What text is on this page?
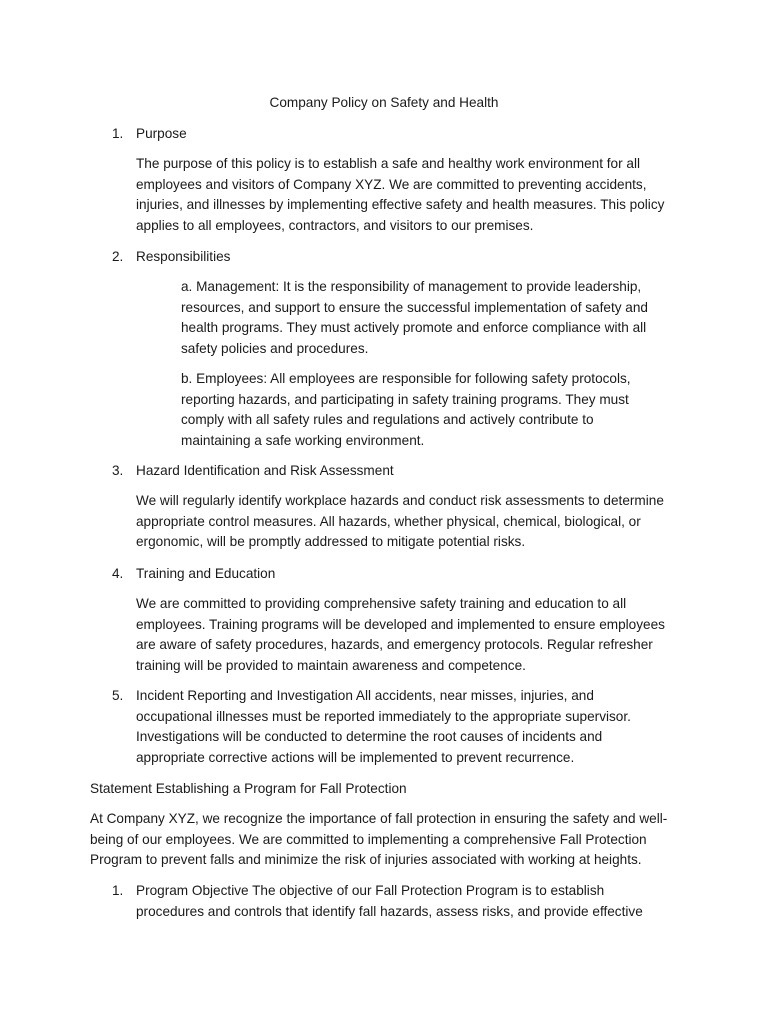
Company Policy on Safety and Health
1. Purpose

The purpose of this policy is to establish a safe and healthy work environment for all employees and visitors of Company XYZ. We are committed to preventing accidents, injuries, and illnesses by implementing effective safety and health measures. This policy applies to all employees, contractors, and visitors to our premises.

2. Responsibilities

a. Management: It is the responsibility of management to provide leadership, resources, and support to ensure the successful implementation of safety and health programs. They must actively promote and enforce compliance with all safety policies and procedures.

b. Employees: All employees are responsible for following safety protocols, reporting hazards, and participating in safety training programs. They must comply with all safety rules and regulations and actively contribute to maintaining a safe working environment.

3. Hazard Identification and Risk Assessment

We will regularly identify workplace hazards and conduct risk assessments to determine appropriate control measures. All hazards, whether physical, chemical, biological, or ergonomic, will be promptly addressed to mitigate potential risks.

4. Training and Education

We are committed to providing comprehensive safety training and education to all employees. Training programs will be developed and implemented to ensure employees are aware of safety procedures, hazards, and emergency protocols. Regular refresher training will be provided to maintain awareness and competence.

5. Incident Reporting and Investigation All accidents, near misses, injuries, and occupational illnesses must be reported immediately to the appropriate supervisor. Investigations will be conducted to determine the root causes of incidents and appropriate corrective actions will be implemented to prevent recurrence.
Statement Establishing a Program for Fall Protection

At Company XYZ, we recognize the importance of fall protection in ensuring the safety and well-being of our employees. We are committed to implementing a comprehensive Fall Protection Program to prevent falls and minimize the risk of injuries associated with working at heights.

1. Program Objective The objective of our Fall Protection Program is to establish procedures and controls that identify fall hazards, assess risks, and provide effective
